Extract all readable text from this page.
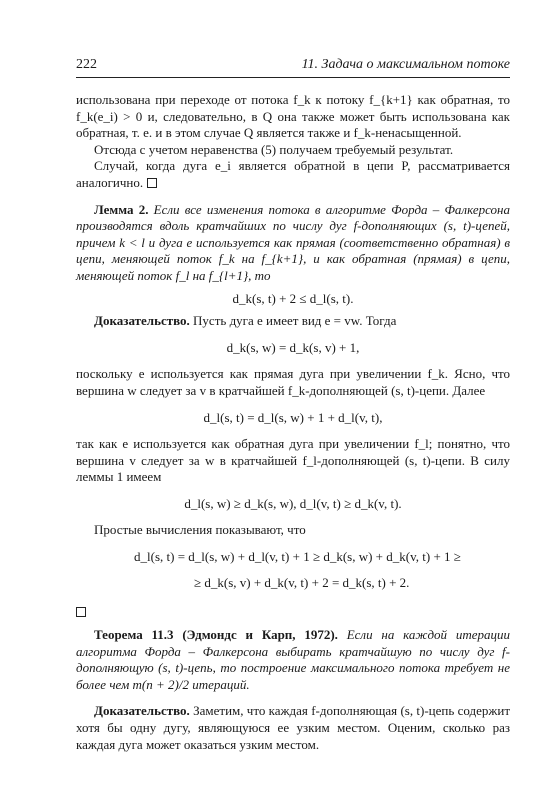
222	11. Задача о максимальном потоке

использована при переходе от потока f_k к потоку f_{k+1} как обратная, то f_k(e_i) > 0 и, следовательно, в Q она также может быть использована как обратная, т. е. и в этом случае Q является также и f_k-ненасыщенной.

Отсюда с учетом неравенства (5) получаем требуемый результат.

Случай, когда дуга e_i является обратной в цепи P, рассматривается аналогично.

Лемма 2. Если все изменения потока в алгоритме Форда – Фалкерсона производятся вдоль кратчайших по числу дуг f-дополняющих (s, t)-цепей, причем k < l и дуга e используется как прямая (соответственно обратная) в цепи, меняющей поток f_k на f_{k+1}, и как обратная (прямая) в цепи, меняющей поток f_l на f_{l+1}, то

d_k(s, t) + 2 ≤ d_l(s, t).

Доказательство. Пусть дуга e имеет вид e = vw. Тогда

d_k(s, w) = d_k(s, v) + 1,

поскольку e используется как прямая дуга при увеличении f_k. Ясно, что вершина w следует за v в кратчайшей f_k-дополняющей (s, t)-цепи. Далее

d_l(s, t) = d_l(s, w) + 1 + d_l(v, t),

так как e используется как обратная дуга при увеличении f_l; понятно, что вершина v следует за w в кратчайшей f_l-дополняющей (s, t)-цепи. В силу леммы 1 имеем

d_l(s, w) ≥ d_k(s, w), d_l(v, t) ≥ d_k(v, t).

Простые вычисления показывают, что

d_l(s, t) = d_l(s, w) + d_l(v, t) + 1 ≥ d_k(s, w) + d_k(v, t) + 1 ≥
≥ d_k(s, v) + d_k(v, t) + 2 = d_k(s, t) + 2.

Теорема 11.3 (Эдмондс и Карп, 1972). Если на каждой итерации алгоритма Форда – Фалкерсона выбирать кратчайшую по числу дуг f-дополняющую (s, t)-цепь, то построение максимального потока требует не более чем m(n + 2)/2 итераций.

Доказательство. Заметим, что каждая f-дополняющая (s, t)-цепь содержит хотя бы одну дугу, являющуюся ее узким местом. Оценим, сколько раз каждая дуга может оказаться узким местом.
